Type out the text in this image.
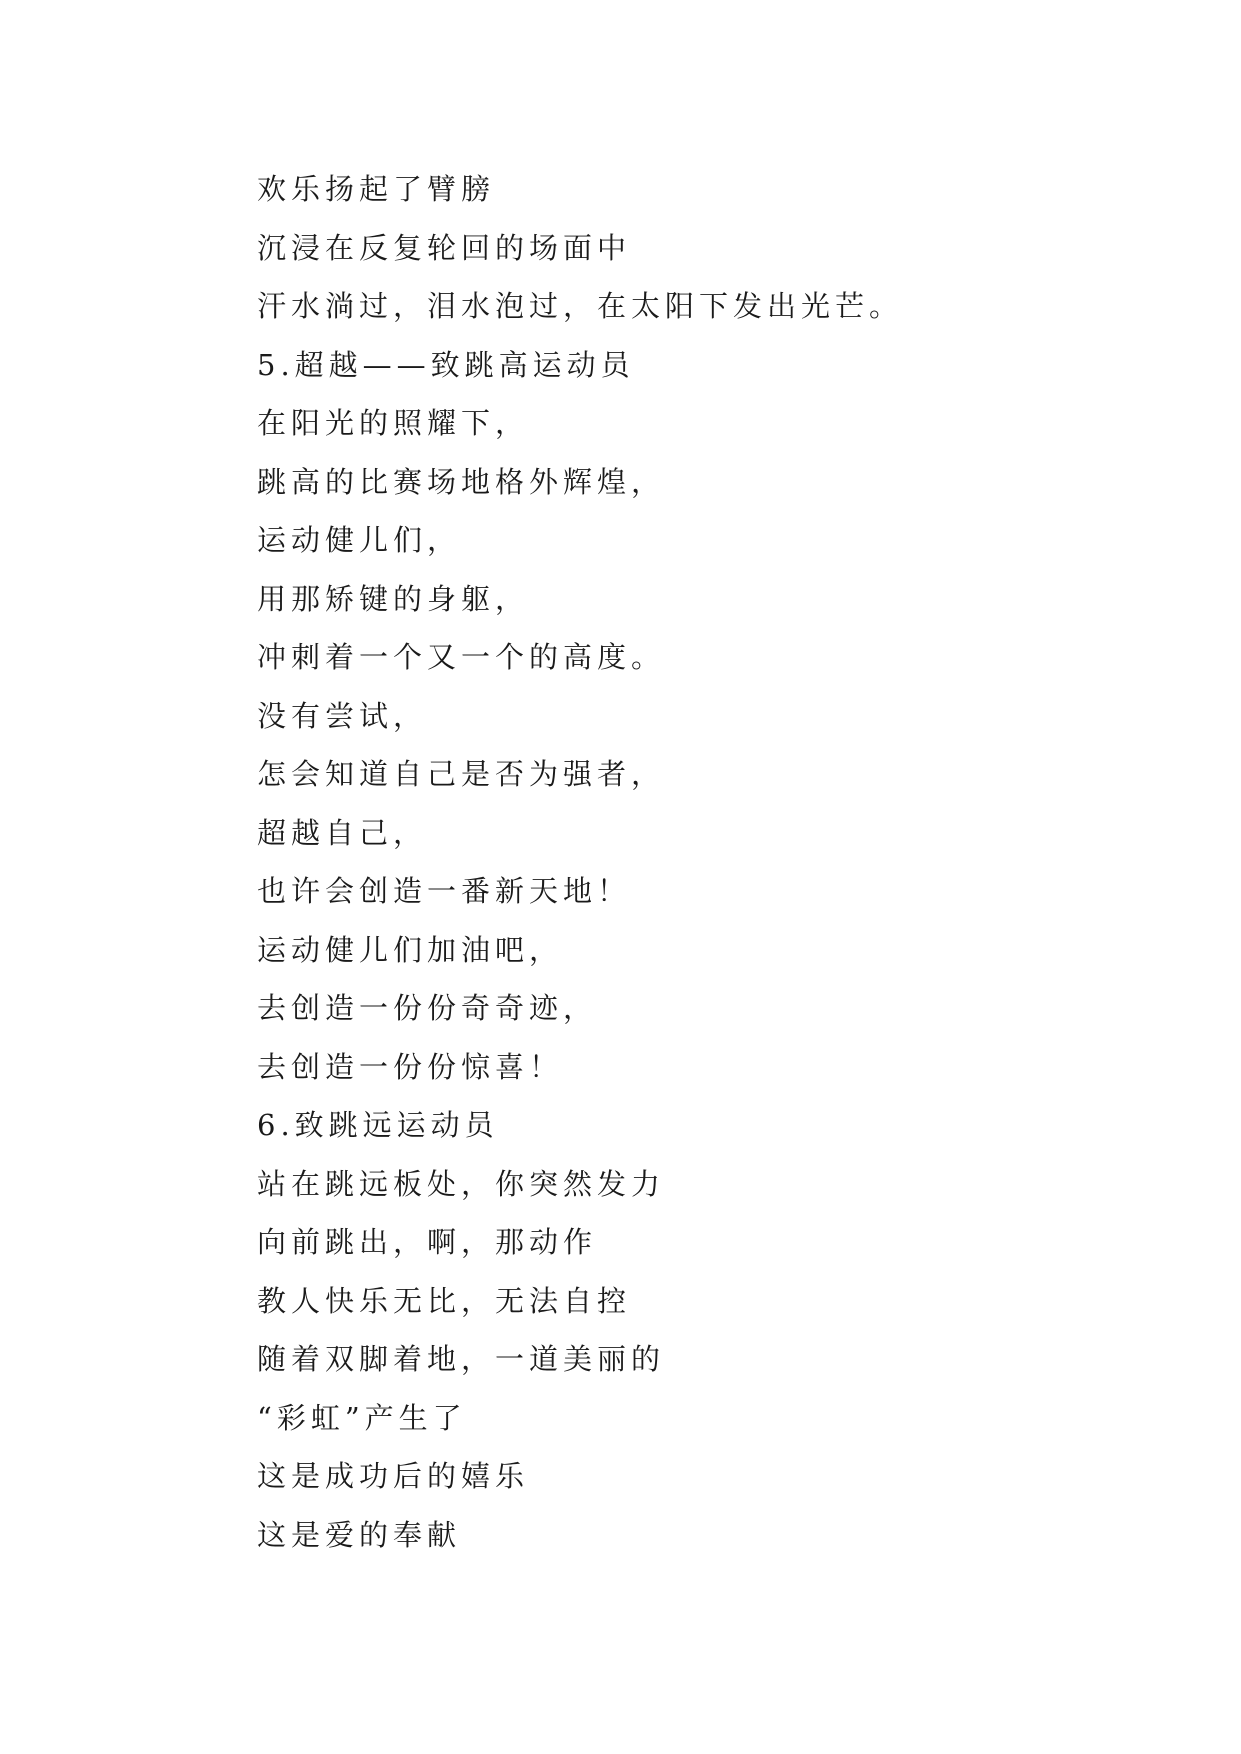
欢乐扬起了臂膀

沉浸在反复轮回的场面中

汗水淌过，泪水泡过，在太阳下发出光芒。

5.超越——致跳高运动员

在阳光的照耀下，

跳高的比赛场地格外辉煌，

运动健儿们，

用那矫键的身躯，

冲刺着一个又一个的高度。

没有尝试，

怎会知道自己是否为强者，

超越自己，

也许会创造一番新天地！

运动健儿们加油吧，

去创造一份份奇奇迹，

去创造一份份惊喜！

6.致跳远运动员

站在跳远板处，你突然发力

向前跳出，啊，那动作

教人快乐无比，无法自控

随着双脚着地，一道美丽的

“彩虹”产生了

这是成功后的嬉乐

这是爱的奉献
